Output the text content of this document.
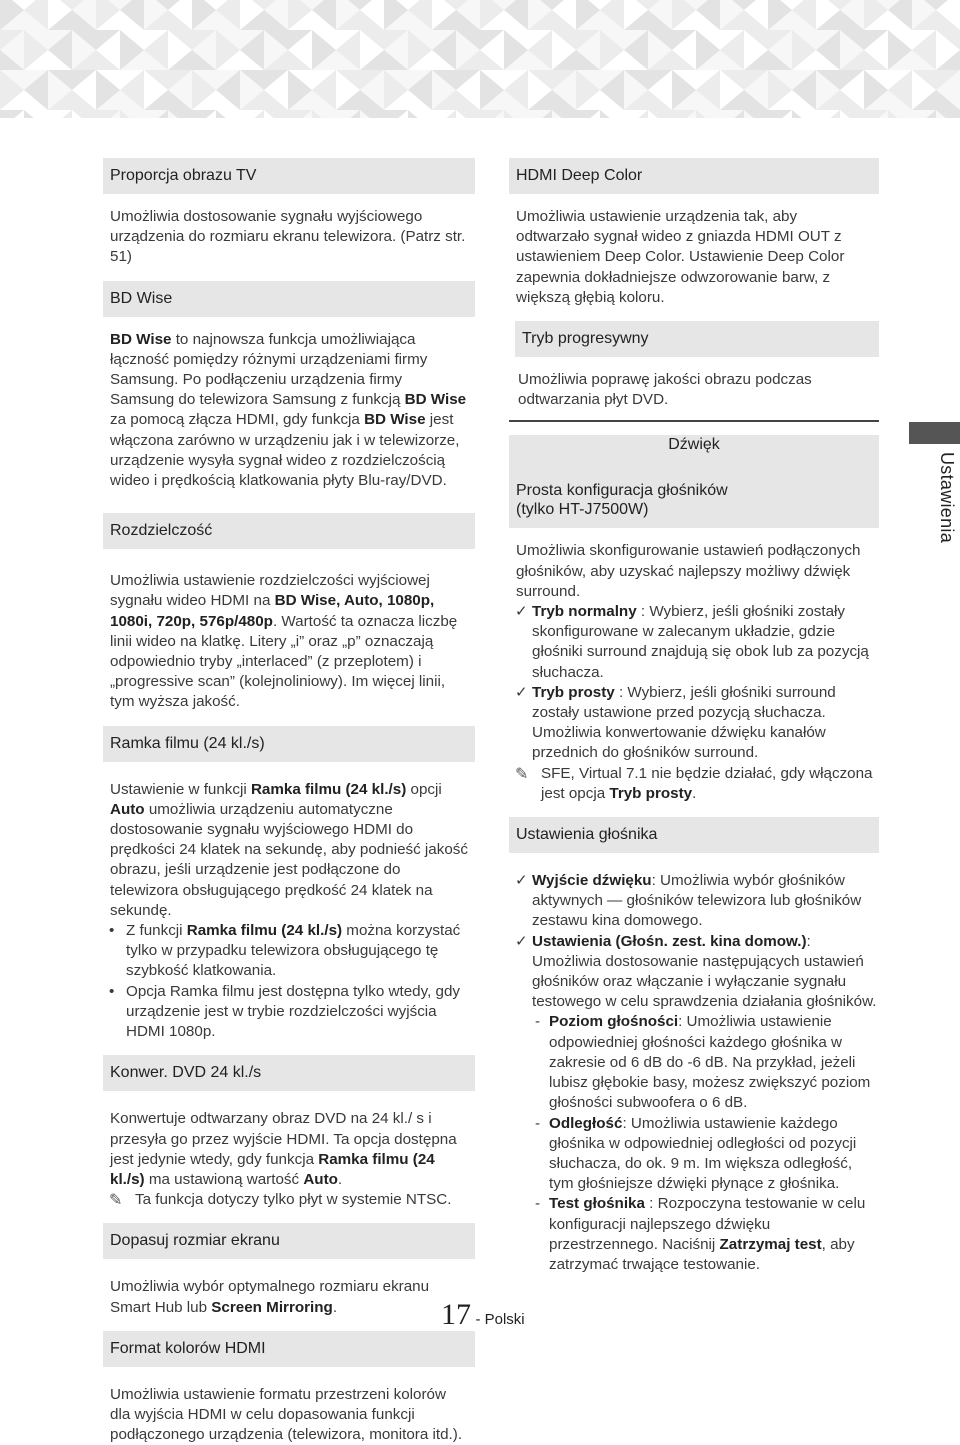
Proporcja obrazu TV
Umożliwia dostosowanie sygnału wyjściowego urządzenia do rozmiaru ekranu telewizora. (Patrz str. 51)
BD Wise
BD Wise to najnowsza funkcja umożliwiająca łączność pomiędzy różnymi urządzeniami firmy Samsung. Po podłączeniu urządzenia firmy Samsung do telewizora Samsung z funkcją BD Wise za pomocą złącza HDMI, gdy funkcja BD Wise jest włączona zarówno w urządzeniu jak i w telewizorze, urządzenie wysyła sygnał wideo z rozdzielczością wideo i prędkością klatkowania płyty Blu-ray/DVD.
Rozdzielczość
Umożliwia ustawienie rozdzielczości wyjściowej sygnału wideo HDMI na BD Wise, Auto, 1080p, 1080i, 720p, 576p/480p. Wartość ta oznacza liczbę linii wideo na klatkę. Litery „i” oraz „p” oznaczają odpowiednio tryby „interlaced” (z przeplotem) i „progressive scan” (kolejnoliniowy). Im więcej linii, tym wyższa jakość.
Ramka filmu (24 kl./s)
Ustawienie w funkcji Ramka filmu (24 kl./s) opcji Auto umożliwia urządzeniu automatyczne dostosowanie sygnału wyjściowego HDMI do prędkości 24 klatek na sekundę, aby podnieść jakość obrazu, jeśli urządzenie jest podłączone do telewizora obsługującego prędkość 24 klatek na sekundę.
• Z funkcji Ramka filmu (24 kl./s) można korzystać tylko w przypadku telewizora obsługującego tę szybkość klatkowania.
• Opcja Ramka filmu jest dostępna tylko wtedy, gdy urządzenie jest w trybie rozdzielczości wyjścia HDMI 1080p.
Konwer. DVD 24 kl./s
Konwertuje odtwarzany obraz DVD na 24 kl./ s i przesyła go przez wyjście HDMI. Ta opcja dostępna jest jedynie wtedy, gdy funkcja Ramka filmu (24 kl./s) ma ustawioną wartość Auto.
✎ Ta funkcja dotyczy tylko płyt w systemie NTSC.
Dopasuj rozmiar ekranu
Umożliwia wybór optymalnego rozmiaru ekranu Smart Hub lub Screen Mirroring.
Format kolorów HDMI
Umożliwia ustawienie formatu przestrzeni kolorów dla wyjścia HDMI w celu dopasowania funkcji podłączonego urządzenia (telewizora, monitora itd.).
HDMI Deep Color
Umożliwia ustawienie urządzenia tak, aby odtwarzało sygnał wideo z gniazda HDMI OUT z ustawieniem Deep Color. Ustawienie Deep Color zapewnia dokładniejsze odwzorowanie barw, z większą głębią koloru.
Tryb progresywny
Umożliwia poprawę jakości obrazu podczas odtwarzania płyt DVD.
Dźwięk
Prosta konfiguracja głośników
(tylko HT-J7500W)
Umożliwia skonfigurowanie ustawień podłączonych głośników, aby uzyskać najlepszy możliwy dźwięk surround.
✓ Tryb normalny : Wybierz, jeśli głośniki zostały skonfigurowane w zalecanym układzie, gdzie głośniki surround znajdują się obok lub za pozycją słuchacza.
✓ Tryb prosty : Wybierz, jeśli głośniki surround zostały ustawione przed pozycją słuchacza. Umożliwia konwertowanie dźwięku kanałów przednich do głośników surround.
✎ SFE, Virtual 7.1 nie będzie działać, gdy włączona jest opcja Tryb prosty.
Ustawienia głośnika
✓ Wyjście dźwięku: Umożliwia wybór głośników aktywnych — głośników telewizora lub głośników zestawu kina domowego.
✓ Ustawienia (Głośn. zest. kina domow.):
Umożliwia dostosowanie następujących ustawień głośników oraz włączanie i wyłączanie sygnału testowego w celu sprawdzenia działania głośników.
- Poziom głośności: Umożliwia ustawienie odpowiedniej głośności każdego głośnika w zakresie od 6 dB do -6 dB. Na przykład, jeżeli lubisz głębokie basy, możesz zwiększyć poziom głośności subwoofera o 6 dB.
- Odległość: Umożliwia ustawienie każdego głośnika w odpowiedniej odległości od pozycji słuchacza, do ok. 9 m. Im większa odległość, tym głośniejsze dźwięki płynące z głośnika.
- Test głośnika : Rozpoczyna testowanie w celu konfiguracji najlepszego dźwięku przestrzennego. Naciśnij Zatrzymaj test, aby zatrzymać trwające testowanie.
Ustawienia
17 - Polski
